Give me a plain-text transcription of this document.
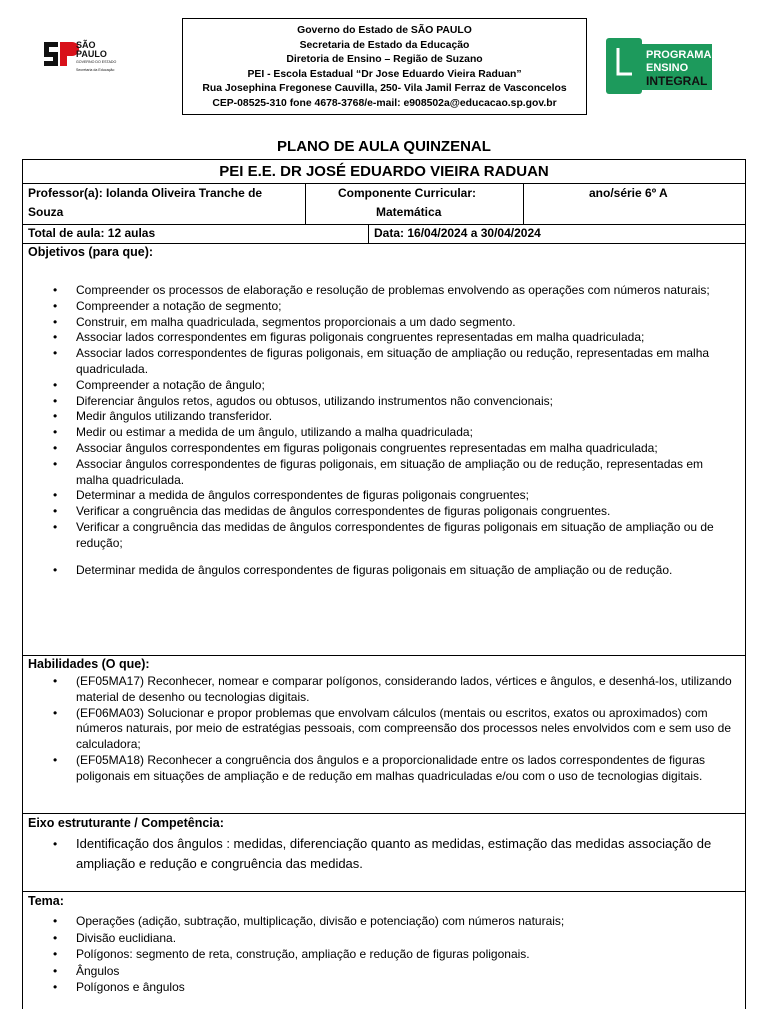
SÃO
PAULO
GOVERNO DO ESTADO
Secretaria da Educação
Governo do Estado de SÃO PAULO
Secretaria de Estado da Educação
Diretoria de Ensino – Região de Suzano
PEI - Escola Estadual “Dr Jose Eduardo Vieira Raduan”
Rua Josephina Fregonese Cauvilla, 250- Vila Jamil Ferraz de Vasconcelos
CEP-08525-310 fone 4678-3768/e-mail: e908502a@educacao.sp.gov.br
PROGRAMA
ENSINO
INTEGRAL
PLANO DE AULA QUINZENAL
PEI E.E. DR JOSÉ EDUARDO VIEIRA RADUAN
Professor(a): Iolanda Oliveira Tranche de
Souza
Componente Curricular:
Matemática
ano/série 6º A
Total de aula: 12 aulas	Data: 16/04/2024 a 30/04/2024
Objetivos (para que):
• Compreender os processos de elaboração e resolução de problemas envolvendo as operações com números naturais;
• Compreender a notação de segmento;
• Construir, em malha quadriculada, segmentos proporcionais a um dado segmento.
• Associar lados correspondentes em figuras poligonais congruentes representadas em malha quadriculada;
• Associar lados correspondentes de figuras poligonais, em situação de ampliação ou redução, representadas em malha quadriculada.
• Compreender a notação de ângulo;
• Diferenciar ângulos retos, agudos ou obtusos, utilizando instrumentos não convencionais;
• Medir ângulos utilizando transferidor.
• Medir ou estimar a medida de um ângulo, utilizando a malha quadriculada;
• Associar ângulos correspondentes em figuras poligonais congruentes representadas em malha quadriculada;
• Associar ângulos correspondentes de figuras poligonais, em situação de ampliação ou de redução, representadas em malha quadriculada.
• Determinar a medida de ângulos correspondentes de figuras poligonais congruentes;
• Verificar a congruência das medidas de ângulos correspondentes de figuras poligonais congruentes.
• Verificar a congruência das medidas de ângulos correspondentes de figuras poligonais em situação de ampliação ou de redução;
• Determinar medida de ângulos correspondentes de figuras poligonais em situação de ampliação ou de redução.
Habilidades (O que):
• (EF05MA17) Reconhecer, nomear e comparar polígonos, considerando lados, vértices e ângulos, e desenhá-los, utilizando material de desenho ou tecnologias digitais.
• (EF06MA03) Solucionar e propor problemas que envolvam cálculos (mentais ou escritos, exatos ou aproximados) com números naturais, por meio de estratégias pessoais, com compreensão dos processos neles envolvidos com e sem uso de calculadora;
• (EF05MA18) Reconhecer a congruência dos ângulos e a proporcionalidade entre os lados correspondentes de figuras poligonais em situações de ampliação e de redução em malhas quadriculadas e/ou com o uso de tecnologias digitais.
Eixo estruturante / Competência:
• Identificação dos ângulos : medidas, diferenciação quanto as medidas, estimação das medidas associação de ampliação e redução e congruência das medidas.
Tema:
• Operações (adição, subtração, multiplicação, divisão e potenciação) com números naturais;
• Divisão euclidiana.
• Polígonos: segmento de reta, construção, ampliação e redução de figuras poligonais.
• Ângulos
• Polígonos e ângulos
